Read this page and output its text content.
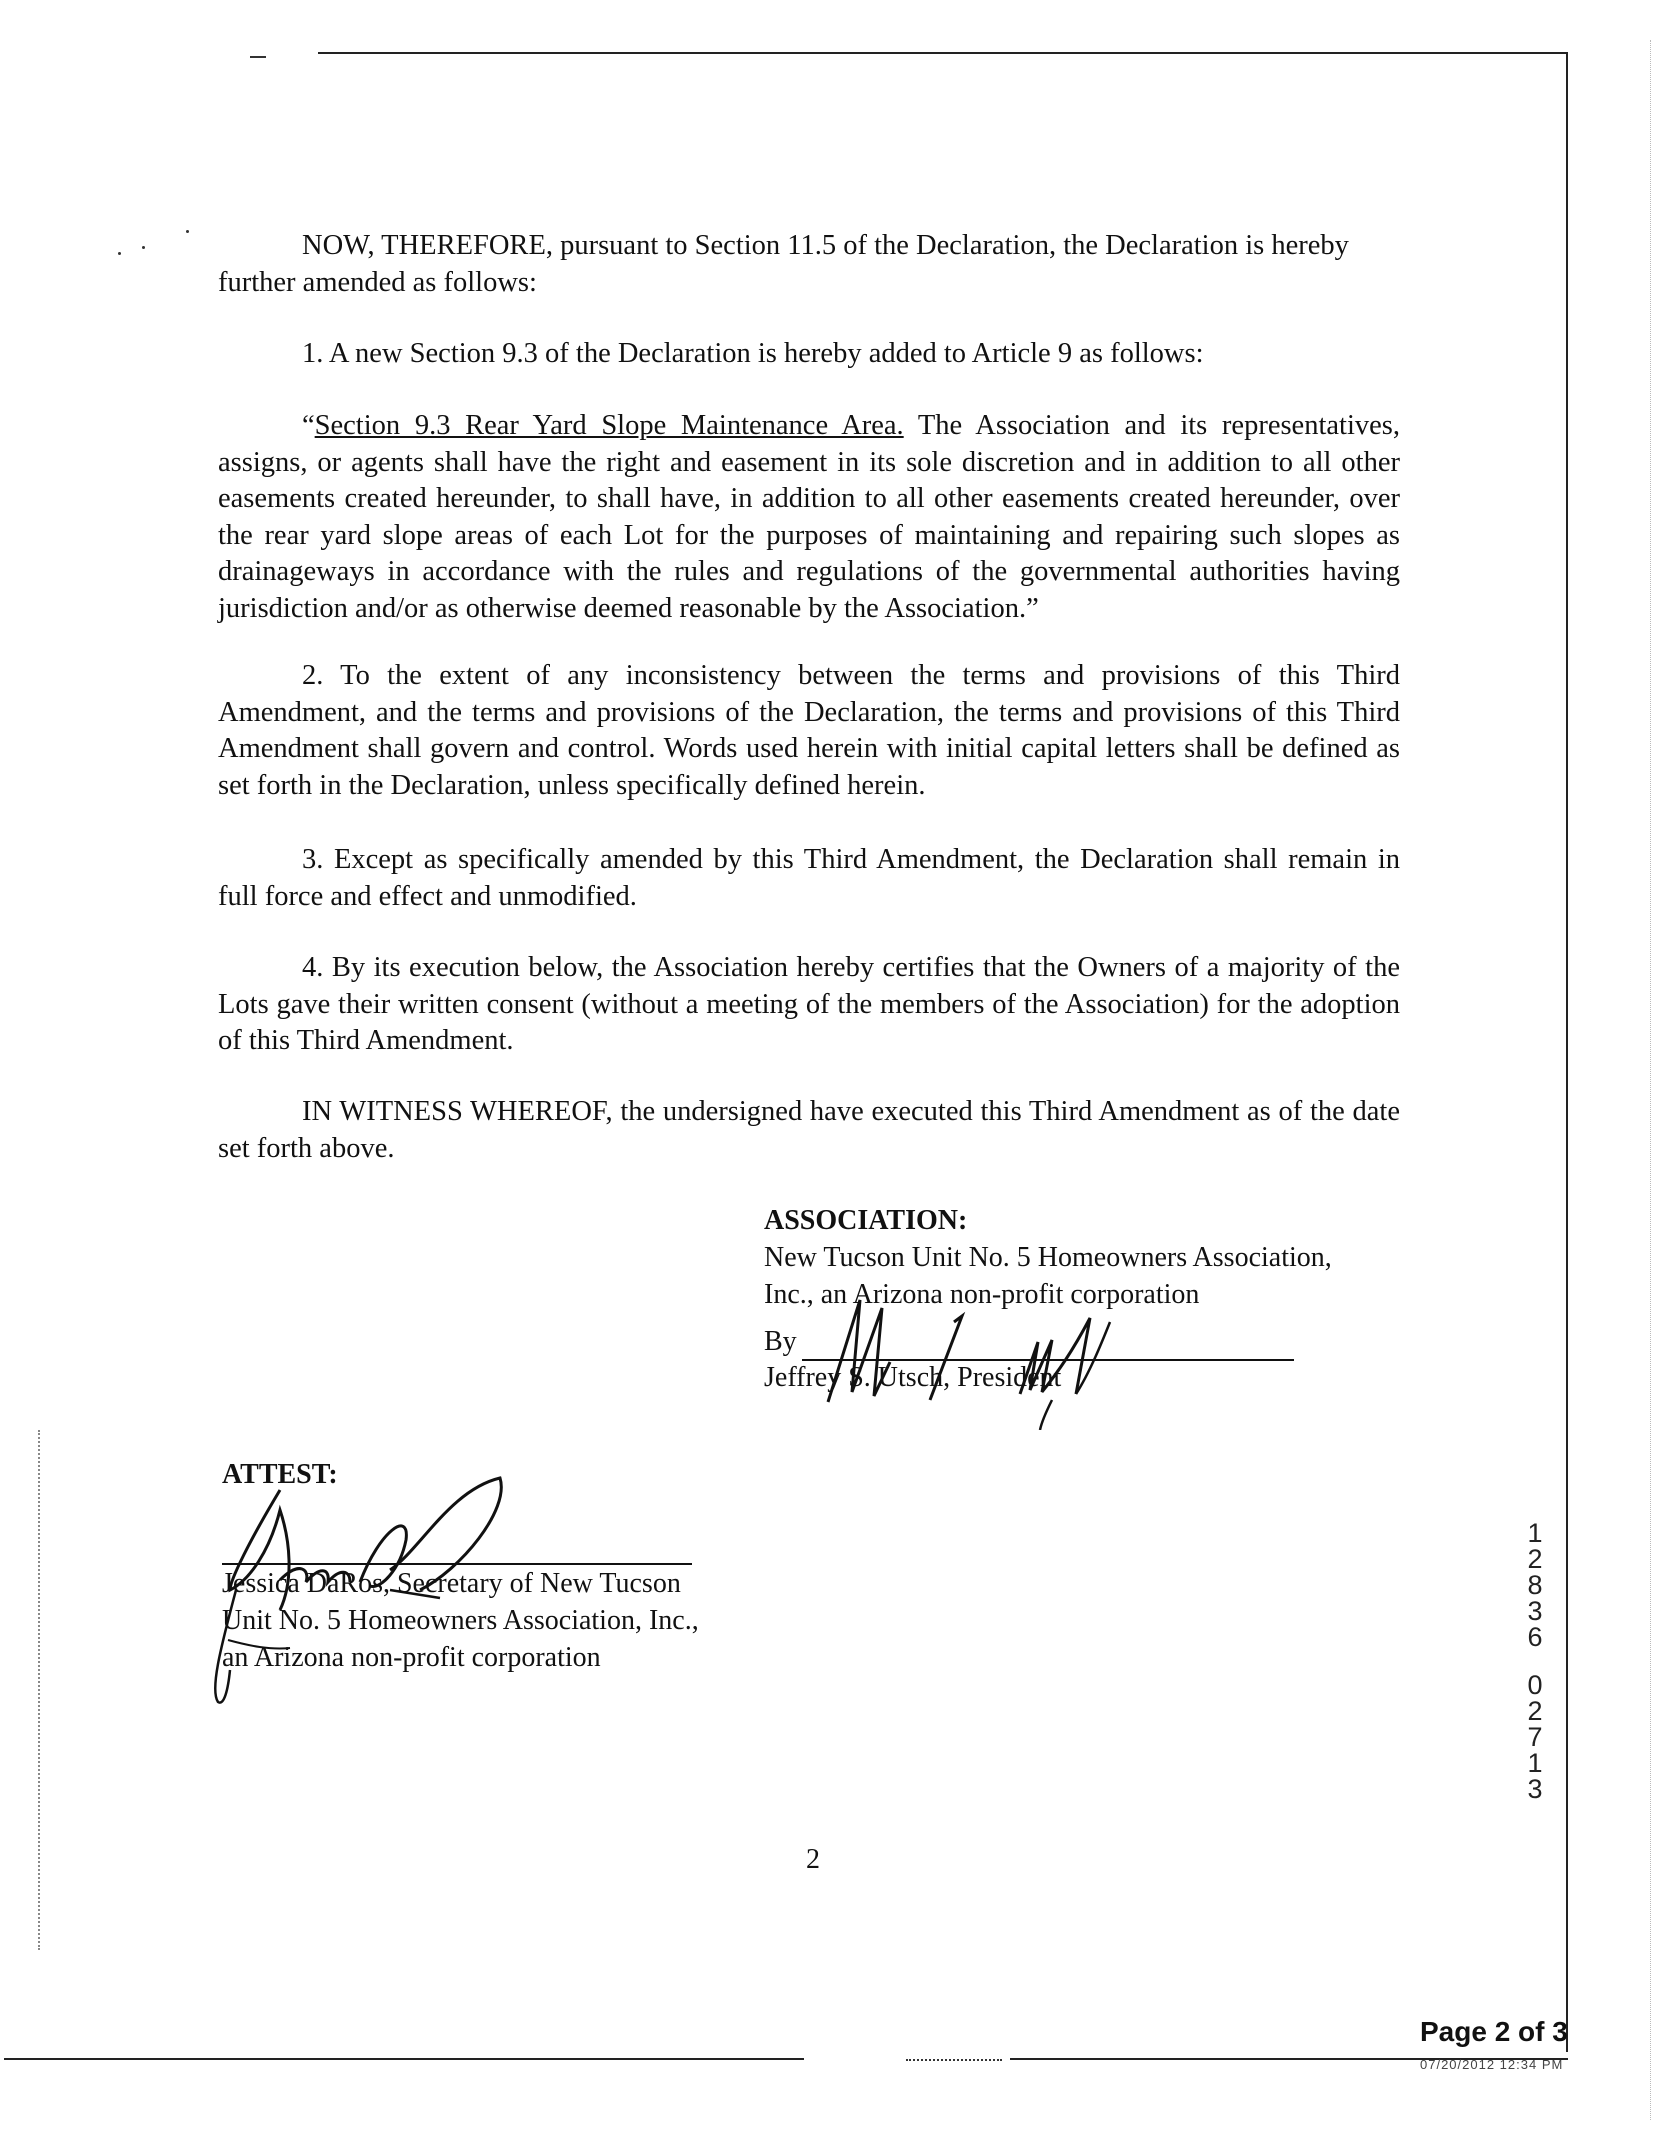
NOW, THEREFORE, pursuant to Section 11.5 of the Declaration, the Declaration is hereby
further amended as follows:
1. A new Section 9.3 of the Declaration is hereby added to Article 9 as follows:
“Section 9.3 Rear Yard Slope Maintenance Area. The Association and its representatives, assigns, or agents shall have the right and easement in its sole discretion and in addition to all other easements created hereunder, to shall have, in addition to all other easements created hereunder, over the rear yard slope areas of each Lot for the purposes of maintaining and repairing such slopes as drainageways in accordance with the rules and regulations of the governmental authorities having jurisdiction and/or as otherwise deemed reasonable by the Association.”
2. To the extent of any inconsistency between the terms and provisions of this Third Amendment, and the terms and provisions of the Declaration, the terms and provisions of this Third Amendment shall govern and control. Words used herein with initial capital letters shall be defined as set forth in the Declaration, unless specifically defined herein.
3. Except as specifically amended by this Third Amendment, the Declaration shall remain in full force and effect and unmodified.
4. By its execution below, the Association hereby certifies that the Owners of a majority of the Lots gave their written consent (without a meeting of the members of the Association) for the adoption of this Third Amendment.
IN WITNESS WHEREOF, the undersigned have executed this Third Amendment as of the date set forth above.
ASSOCIATION:
New Tucson Unit No. 5 Homeowners Association,
Inc., an Arizona non-profit corporation
By
Jeffrey S. Utsch, President
ATTEST:
Jessica DaRos, Secretary of New Tucson
Unit No. 5 Homeowners Association, Inc.,
an Arizona non-profit corporation
2
1
2
8
3
6
0
2
7
1
3
Page 2 of 3
07/20/2012 12:34 PM
